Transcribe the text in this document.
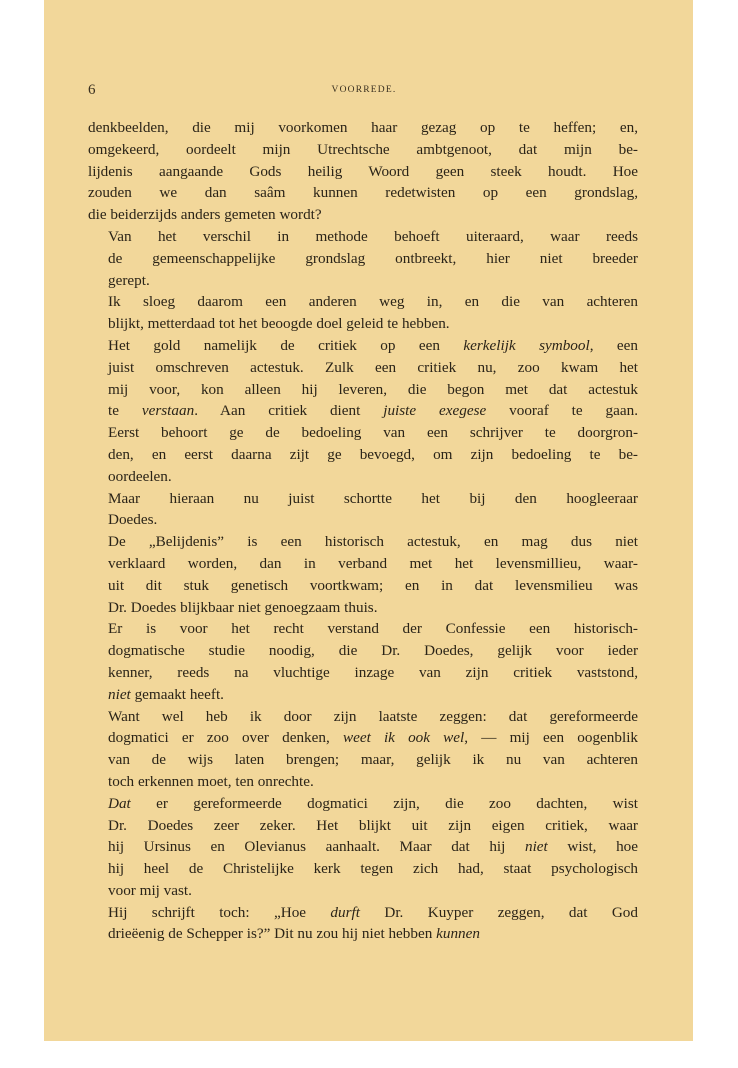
6	VOORREDE.

denkbeelden, die mij voorkomen haar gezag op te heffen; en,
omgekeerd, oordeelt mijn Utrechtsche ambtgenoot, dat mijn be-
lijdenis aangaande Gods heilig Woord geen steek houdt. Hoe
zouden we dan saâm kunnen redetwisten op een grondslag,
die beiderzijds anders gemeten wordt?

Van het verschil in methode behoeft uiteraard, waar reeds
de gemeenschappelijke grondslag ontbreekt, hier niet breeder
gerept.

Ik sloeg daarom een anderen weg in, en die van achteren
blijkt, metterdaad tot het beoogde doel geleid te hebben.

Het gold namelijk de critiek op een kerkelijk symbool, een
juist omschreven actestuk. Zulk een critiek nu, zoo kwam het
mij voor, kon alleen hij leveren, die begon met dat actestuk
te verstaan. Aan critiek dient juiste exegese vooraf te gaan.
Eerst behoort ge de bedoeling van een schrijver te doorgron-
den, en eerst daarna zijt ge bevoegd, om zijn bedoeling te be-
oordeelen.

Maar hieraan nu juist schortte het bij den hoogleeraar
Doedes.

De „Belijdenis” is een historisch actestuk, en mag dus niet
verklaard worden, dan in verband met het levensmillieu, waar-
uit dit stuk genetisch voortkwam; en in dat levensmilieu was
Dr. Doedes blijkbaar niet genoegzaam thuis.

Er is voor het recht verstand der Confessie een historisch-
dogmatische studie noodig, die Dr. Doedes, gelijk voor ieder
kenner, reeds na vluchtige inzage van zijn critiek vaststond,
niet gemaakt heeft.

Want wel heb ik door zijn laatste zeggen: dat gereformeerde
dogmatici er zoo over denken, weet ik ook wel, — mij een oogenblik
van de wijs laten brengen; maar, gelijk ik nu van achteren
toch erkennen moet, ten onrechte.

Dat er gereformeerde dogmatici zijn, die zoo dachten, wist
Dr. Doedes zeer zeker. Het blijkt uit zijn eigen critiek, waar
hij Ursinus en Olevianus aanhaalt. Maar dat hij niet wist, hoe
hij heel de Christelijke kerk tegen zich had, staat psychologisch
voor mij vast.

Hij schrijft toch: „Hoe durft Dr. Kuyper zeggen, dat God
drieëenig de Schepper is?” Dit nu zou hij niet hebben kunnen
